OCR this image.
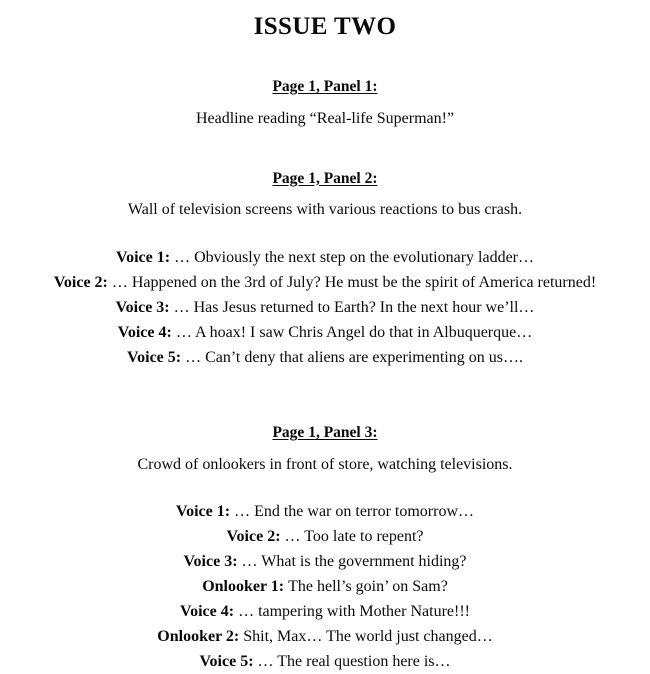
ISSUE TWO
Page 1, Panel 1:
Headline reading “Real-life Superman!”
Page 1, Panel 2:
Wall of television screens with various reactions to bus crash.

Voice 1: … Obviously the next step on the evolutionary ladder…

Voice 2: … Happened on the 3rd of July? He must be the spirit of America returned!

Voice 3: … Has Jesus returned to Earth? In the next hour we’ll…

Voice 4: … A hoax! I saw Chris Angel do that in Albuquerque…

Voice 5: … Can’t deny that aliens are experimenting on us….

Page 1, Panel 3:
Crowd of onlookers in front of store, watching televisions.

Voice 1: … End the war on terror tomorrow…

Voice 2: … Too late to repent?

Voice 3: … What is the government hiding?

Onlooker 1: The hell’s goin’ on Sam?

Voice 4: … tampering with Mother Nature!!!

Onlooker 2: Shit, Max… The world just changed…

Voice 5: … The real question here is…
